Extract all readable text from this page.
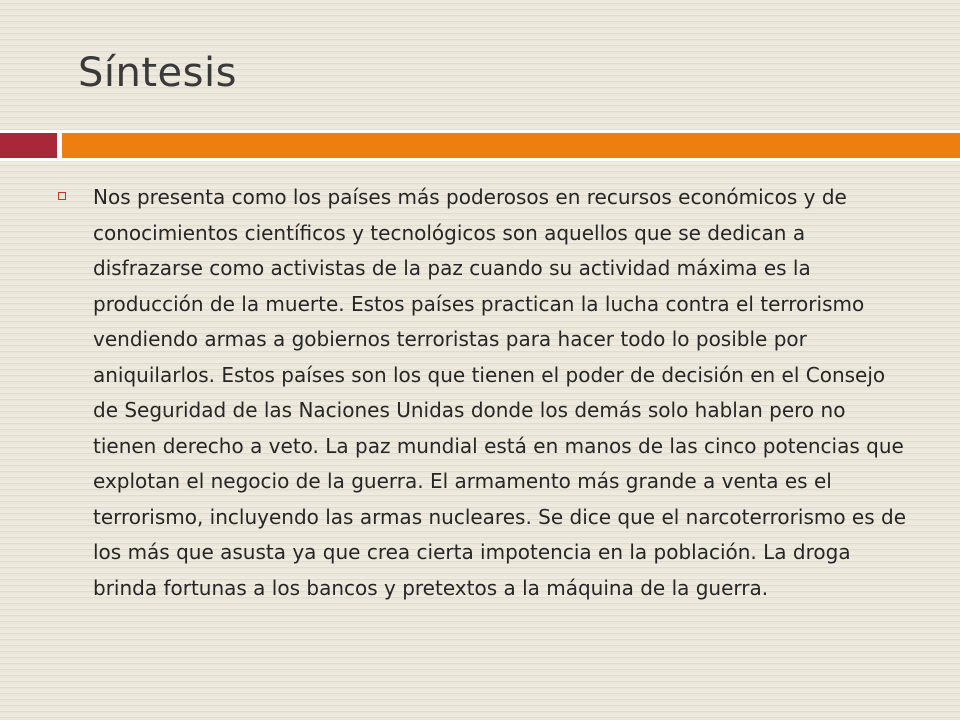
Síntesis

Nos presenta como los países más poderosos en recursos económicos y de conocimientos científicos y tecnológicos son aquellos que se dedican a disfrazarse como activistas de la paz cuando su actividad máxima es la producción de la muerte. Estos países practican la lucha contra el terrorismo vendiendo armas a gobiernos terroristas para hacer todo lo posible por aniquilarlos. Estos países son los que tienen el poder de decisión en el Consejo de Seguridad de las Naciones Unidas donde los demás solo hablan pero no tienen derecho a veto. La paz mundial está en manos de las cinco potencias que explotan el negocio de la guerra. El armamento más grande a venta es el terrorismo, incluyendo las armas nucleares. Se dice que el narcoterrorismo es de los más que asusta ya que crea cierta impotencia en la población. La droga brinda fortunas a los bancos y pretextos a la máquina de la guerra.
